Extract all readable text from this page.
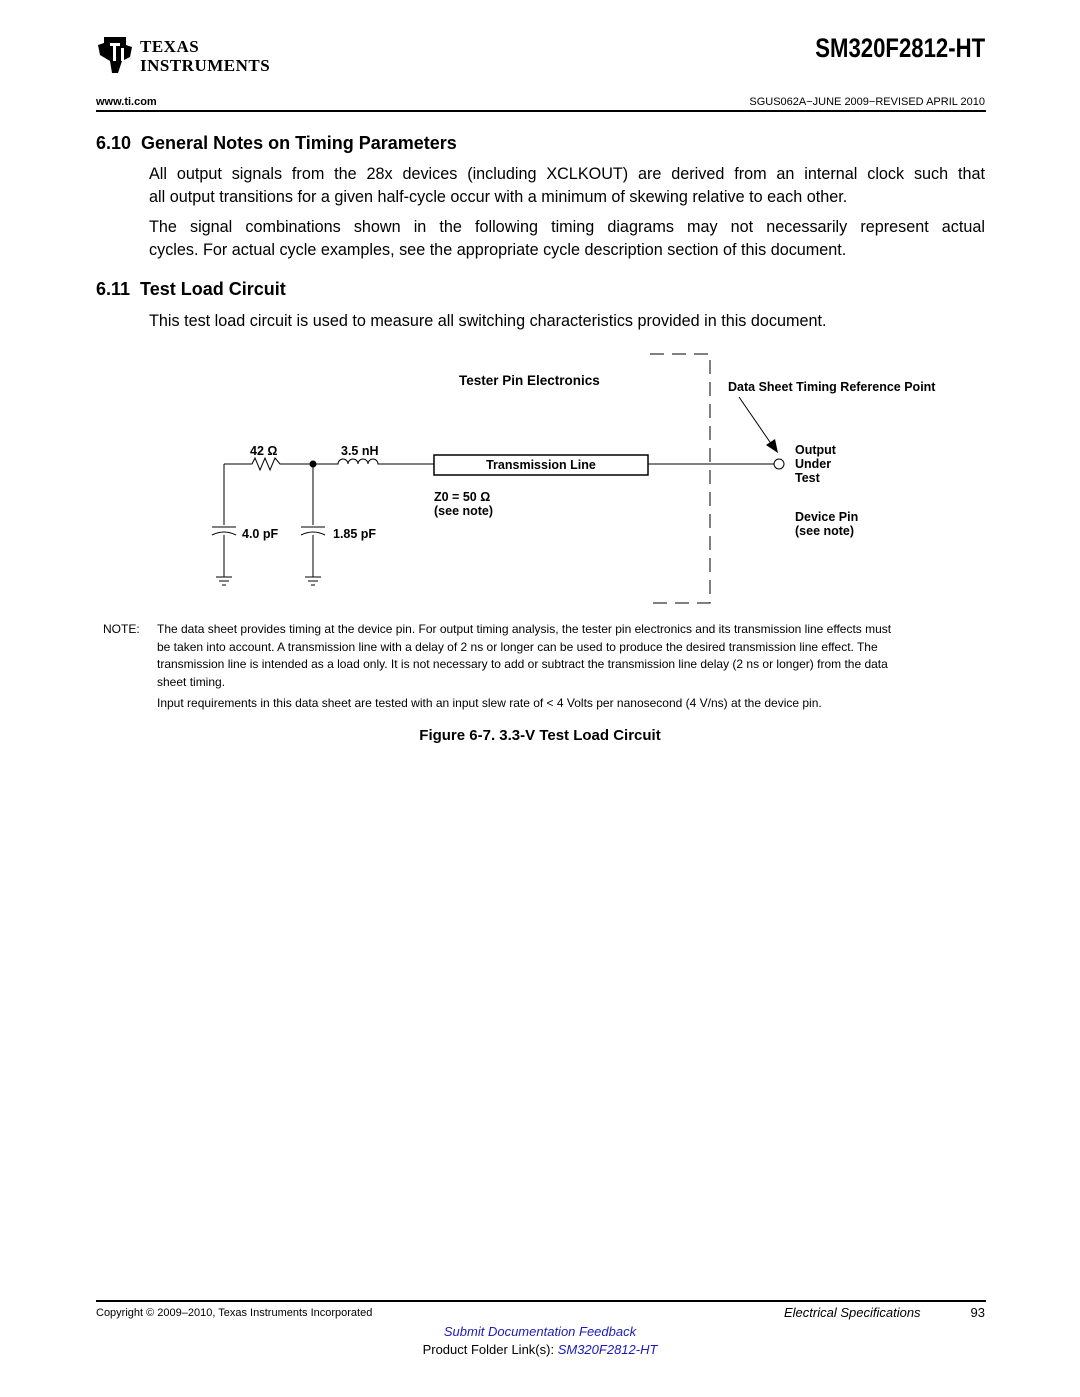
TEXAS
INSTRUMENTS
SM320F2812-HT
www.ti.com	SGUS062A−JUNE 2009−REVISED APRIL 2010
6.10  General Notes on Timing Parameters
All output signals from the 28x devices (including XCLKOUT) are derived from an internal clock such that
all output transitions for a given half-cycle occur with a minimum of skewing relative to each other.
The signal combinations shown in the following timing diagrams may not necessarily represent actual
cycles. For actual cycle examples, see the appropriate cycle description section of this document.
6.11  Test Load Circuit
This test load circuit is used to measure all switching characteristics provided in this document.
Tester Pin Electronics	Data Sheet Timing Reference Point
42 Ω	3.5 nH
Transmission Line
Z0 = 50 Ω
(see note)
4.0 pF	1.85 pF
Output
Under
Test
Device Pin
(see note)
NOTE: The data sheet provides timing at the device pin. For output timing analysis, the tester pin electronics and its transmission line effects must
be taken into account. A transmission line with a delay of 2 ns or longer can be used to produce the desired transmission line effect. The
transmission line is intended as a load only. It is not necessary to add or subtract the transmission line delay (2 ns or longer) from the data
sheet timing.
Input requirements in this data sheet are tested with an input slew rate of < 4 Volts per nanosecond (4 V/ns) at the device pin.
Figure 6-7. 3.3-V Test Load Circuit
Copyright © 2009–2010, Texas Instruments Incorporated	Electrical Specifications	93
Submit Documentation Feedback
Product Folder Link(s): SM320F2812-HT
